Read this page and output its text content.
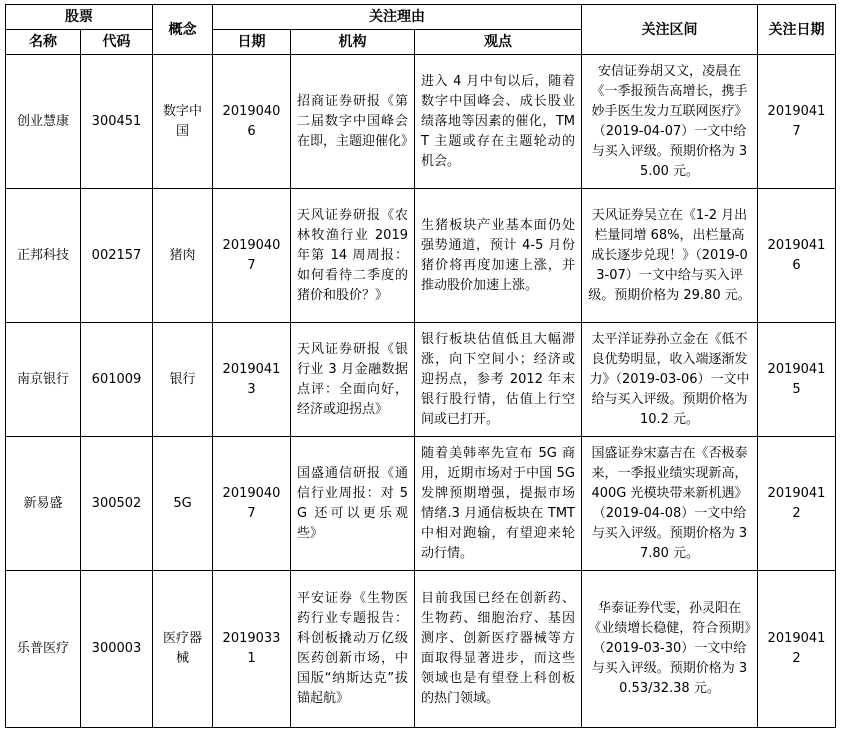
股票		概念	关注理由			关注区间	关注日期
名称	代码		日期	机构	观点		
创业慧康	300451	数字中国	20190406	招商证券研报《第二届数字中国峰会在即，主题迎催化》	进入 4 月中旬以后，随着数字中国峰会、成长股业绩落地等因素的催化，TMT 主题或存在主题轮动的机会。	安信证券胡又文，凌晨在《一季报预告高增长，携手妙手医生发力互联网医疗》（2019-04-07）一文中给与买入评级。预期价格为 35.00 元。	20190417
正邦科技	002157	猪肉	20190407	天风证券研报《农林牧渔行业 2019 年第 14 周周报：如何看待二季度的猪价和股价？》	生猪板块产业基本面仍处强势通道，预计 4-5 月份猪价将再度加速上涨，并推动股价加速上涨。	天风证券吴立在《1-2 月出栏量同增 68%，出栏量高成长逐步兑现！》（2019-03-07）一文中给与买入评级。预期价格为 29.80 元。	20190416
南京银行	601009	银行	20190413	天风证券研报《银行业 3 月金融数据点评：全面向好，经济或迎拐点》	银行板块估值低且大幅滞涨，向下空间小；经济或迎拐点，参考 2012 年末银行股行情，估值上行空间或已打开。	太平洋证券孙立金在《低不良优势明显，收入端逐渐发力》（2019-03-06）一文中给与买入评级。预期价格为 10.2 元。	20190415
新易盛	300502	5G	20190407	国盛通信研报《通信行业周报：对 5G 还可以更乐观些》	随着美韩率先宣布 5G 商用，近期市场对于中国 5G 发牌预期增强，提振市场情绪.3 月通信板块在 TMT 中相对跑输，有望迎来轮动行情。	国盛证券宋嘉吉在《否极泰来，一季报业绩实现新高，400G 光模块带来新机遇》（2019-04-08）一文中给与买入评级。预期价格为 37.80 元。	20190412
乐普医疗	300003	医疗器械	20190331	平安证券《生物医药行业专题报告：科创板撬动万亿级医药创新市场，中国版“纳斯达克”拔锚起航》	目前我国已经在创新药、生物药、细胞治疗、基因测序、创新医疗器械等方面取得显著进步，而这些领域也是有望登上科创板的热门领域。	华泰证券代雯，孙灵阳在《业绩增长稳健，符合预期》（2019-03-30）一文中给与买入评级。预期价格为 30.53/32.38 元。	20190412
